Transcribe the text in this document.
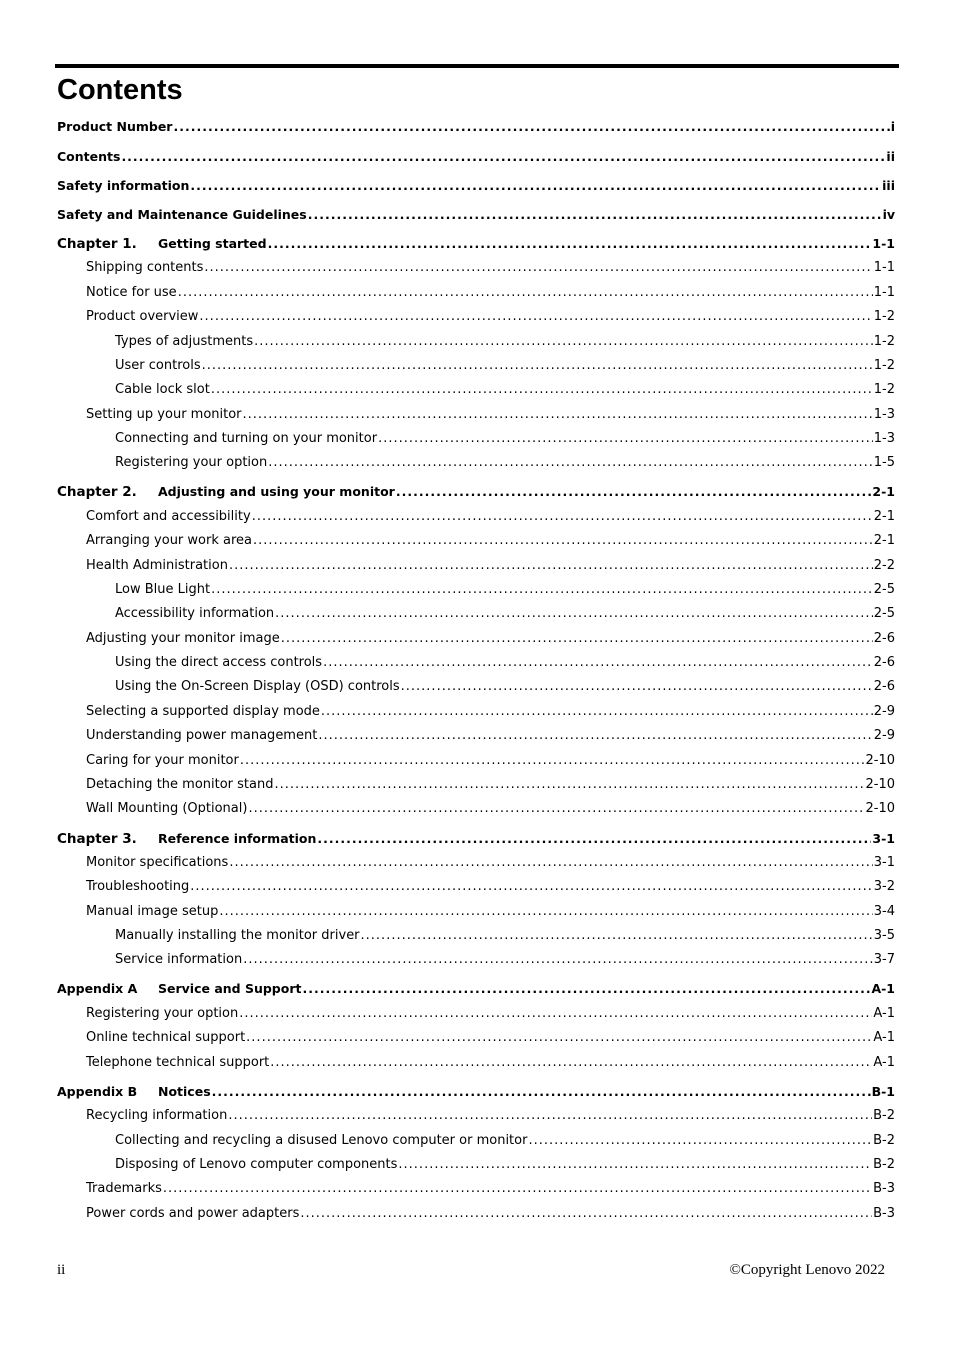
Contents
Product Number .....	i
Contents .....	ii
Safety information .....	iii
Safety and Maintenance Guidelines .....	iv
Chapter 1.	Getting started .....	1-1
Shipping contents .....	1-1
Notice for use .....	1-1
Product overview .....	1-2
Types of adjustments .....	1-2
User controls .....	1-2
Cable lock slot .....	1-2
Setting up your monitor .....	1-3
Connecting and turning on your monitor .....	1-3
Registering your option .....	1-5
Chapter 2.	Adjusting and using your monitor .....	2-1
Comfort and accessibility .....	2-1
Arranging your work area .....	2-1
Health Administration .....	2-2
Low Blue Light .....	2-5
Accessibility information .....	2-5
Adjusting your monitor image .....	2-6
Using the direct access controls .....	2-6
Using the On-Screen Display (OSD) controls .....	2-6
Selecting a supported display mode .....	2-9
Understanding power management .....	2-9
Caring for your monitor .....	2-10
Detaching the monitor stand .....	2-10
Wall Mounting (Optional) .....	2-10
Chapter 3.	Reference information .....	3-1
Monitor specifications .....	3-1
Troubleshooting .....	3-2
Manual image setup .....	3-4
Manually installing the monitor driver .....	3-5
Service information .....	3-7
Appendix A	Service and Support .....	A-1
Registering your option .....	A-1
Online technical support .....	A-1
Telephone technical support .....	A-1
Appendix B	Notices .....	B-1
Recycling information .....	B-2
Collecting and recycling a disused Lenovo computer or monitor .....	B-2
Disposing of Lenovo computer components .....	B-2
Trademarks .....	B-3
Power cords and power adapters .....	B-3
ii	©Copyright Lenovo 2022
